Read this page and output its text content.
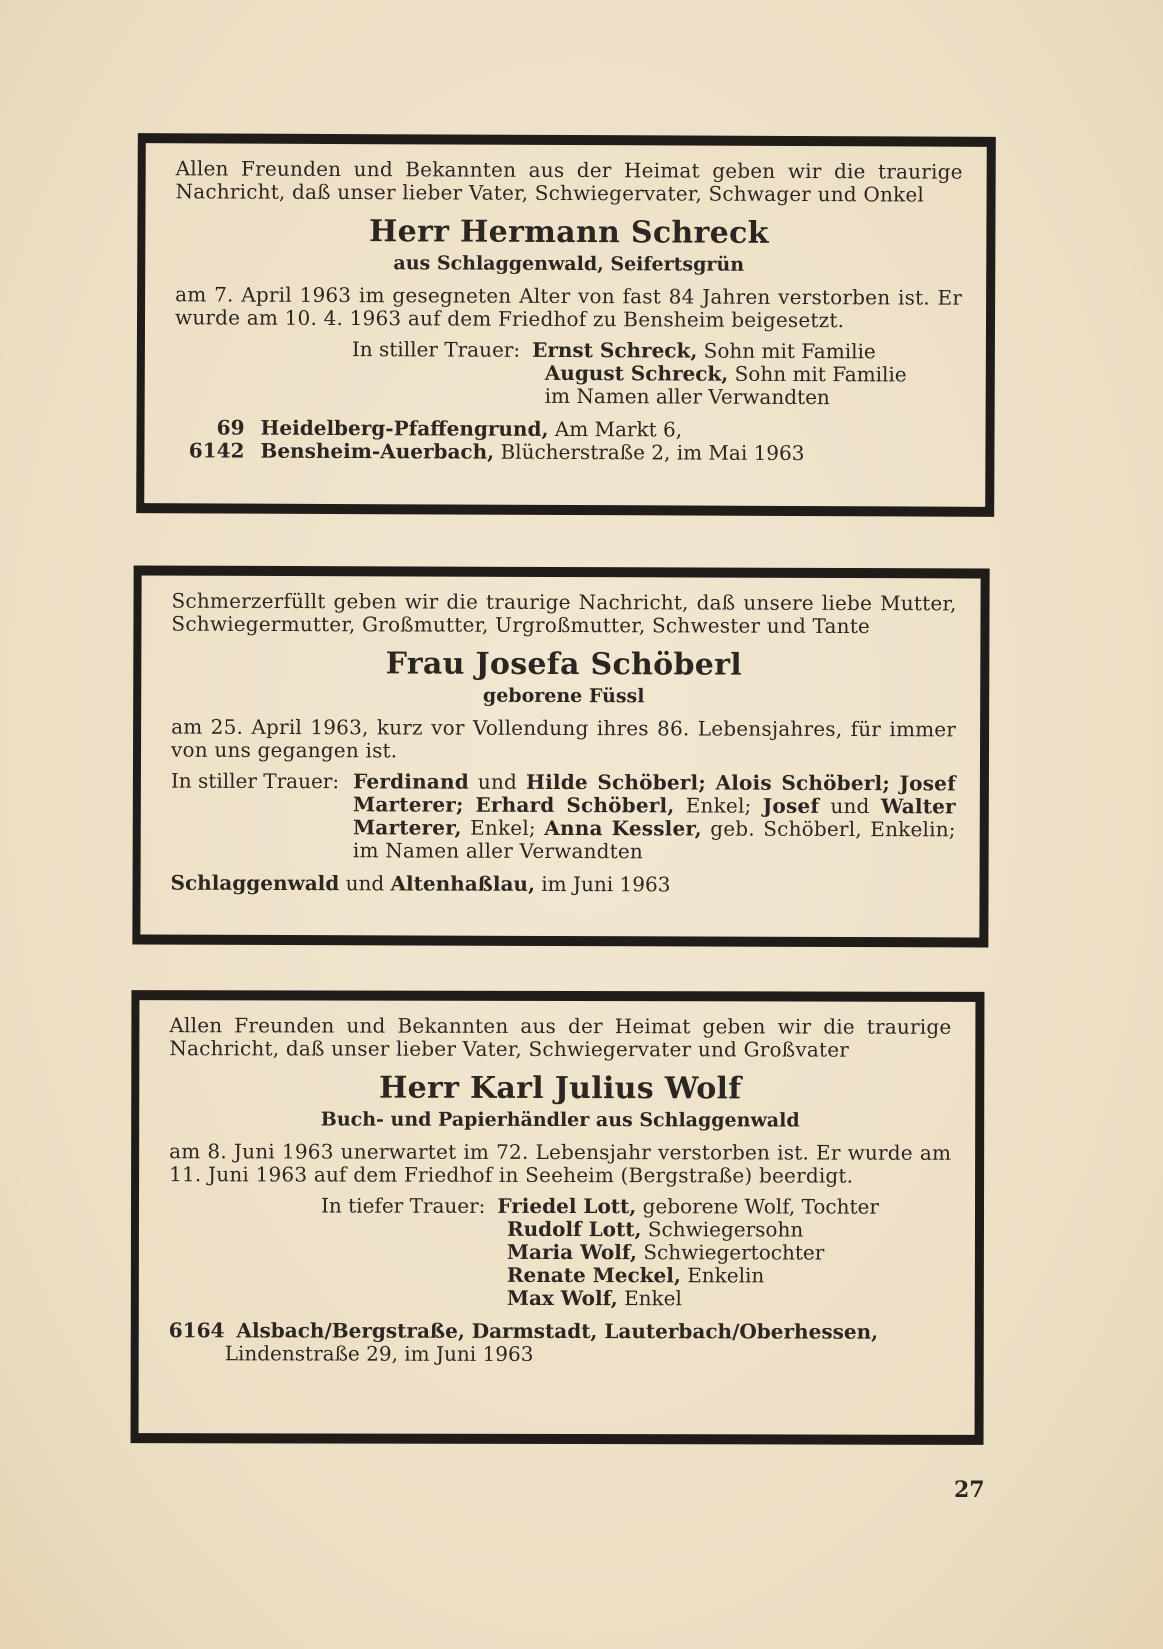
Allen Freunden und Bekannten aus der Heimat geben wir die traurige Nachricht, daß unser lieber Vater, Schwiegervater, Schwager und Onkel

Herr Hermann Schreck
aus Schlaggenwald, Seifertsgrün

am 7. April 1963 im gesegneten Alter von fast 84 Jahren verstorben ist. Er wurde am 10. 4. 1963 auf dem Friedhof zu Bensheim beigesetzt.

In stiller Trauer: Ernst Schreck, Sohn mit Familie
August Schreck, Sohn mit Familie
im Namen aller Verwandten
69 Heidelberg-Pfaffengrund, Am Markt 6,
6142 Bensheim-Auerbach, Blücherstraße 2, im Mai 1963

Schmerzerfüllt geben wir die traurige Nachricht, daß unsere liebe Mutter, Schwiegermutter, Großmutter, Urgroßmutter, Schwester und Tante

Frau Josefa Schöberl
geborene Füssl

am 25. April 1963, kurz vor Vollendung ihres 86. Lebensjahres, für immer von uns gegangen ist.

In stiller Trauer: Ferdinand und Hilde Schöberl; Alois Schöberl; Josef Marterer; Erhard Schöberl, Enkel; Josef und Walter Marterer, Enkel; Anna Kessler, geb. Schöberl, Enkelin; im Namen aller Verwandten
Schlaggenwald und Altenhaßlau, im Juni 1963

Allen Freunden und Bekannten aus der Heimat geben wir die traurige Nachricht, daß unser lieber Vater, Schwiegervater und Großvater

Herr Karl Julius Wolf
Buch- und Papierhändler aus Schlaggenwald

am 8. Juni 1963 unerwartet im 72. Lebensjahr verstorben ist. Er wurde am 11. Juni 1963 auf dem Friedhof in Seeheim (Bergstraße) beerdigt.

In tiefer Trauer: Friedel Lott, geborene Wolf, Tochter
Rudolf Lott, Schwiegersohn
Maria Wolf, Schwiegertochter
Renate Meckel, Enkelin
Max Wolf, Enkel
6164 Alsbach/Bergstraße, Darmstadt, Lauterbach/Oberhessen,
Lindenstraße 29, im Juni 1963
27
